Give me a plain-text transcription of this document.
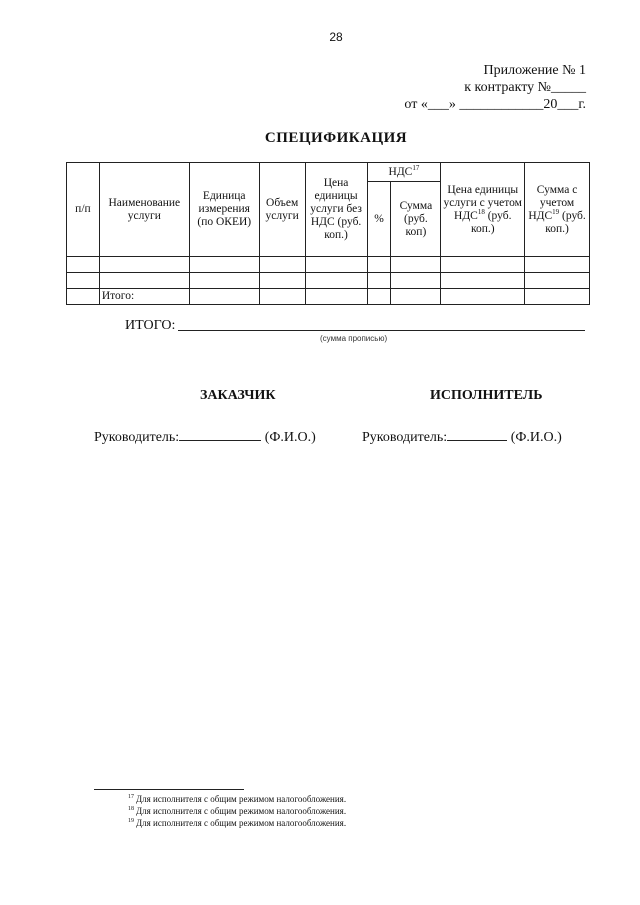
28
Приложение № 1
к контракту №_____
от «___» ____________20___г.
СПЕЦИФИКАЦИЯ
п/п	Наименование услуги	Единица измерения (по ОКЕИ)	Объем услуги	Цена единицы услуги без НДС (руб. коп.)	НДС$^{17}$		Цена единицы услуги с учетом НДС$^{18}$ (руб. коп.)	Сумма с учетом НДС$^{19}$ (руб. коп.)
					%	Сумма (руб. коп)		

	Итого:							
ИТОГО:
(сумма прописью)
ЗАКАЗЧИК	ИСПОЛНИТЕЛЬ
Руководитель:	(Ф.И.О.)	Руководитель:	(Ф.И.О.)
$^{17}$ Для исполнителя с общим режимом налогообложения.
$^{18}$ Для исполнителя с общим режимом налогообложения.
$^{19}$ Для исполнителя с общим режимом налогообложения.
